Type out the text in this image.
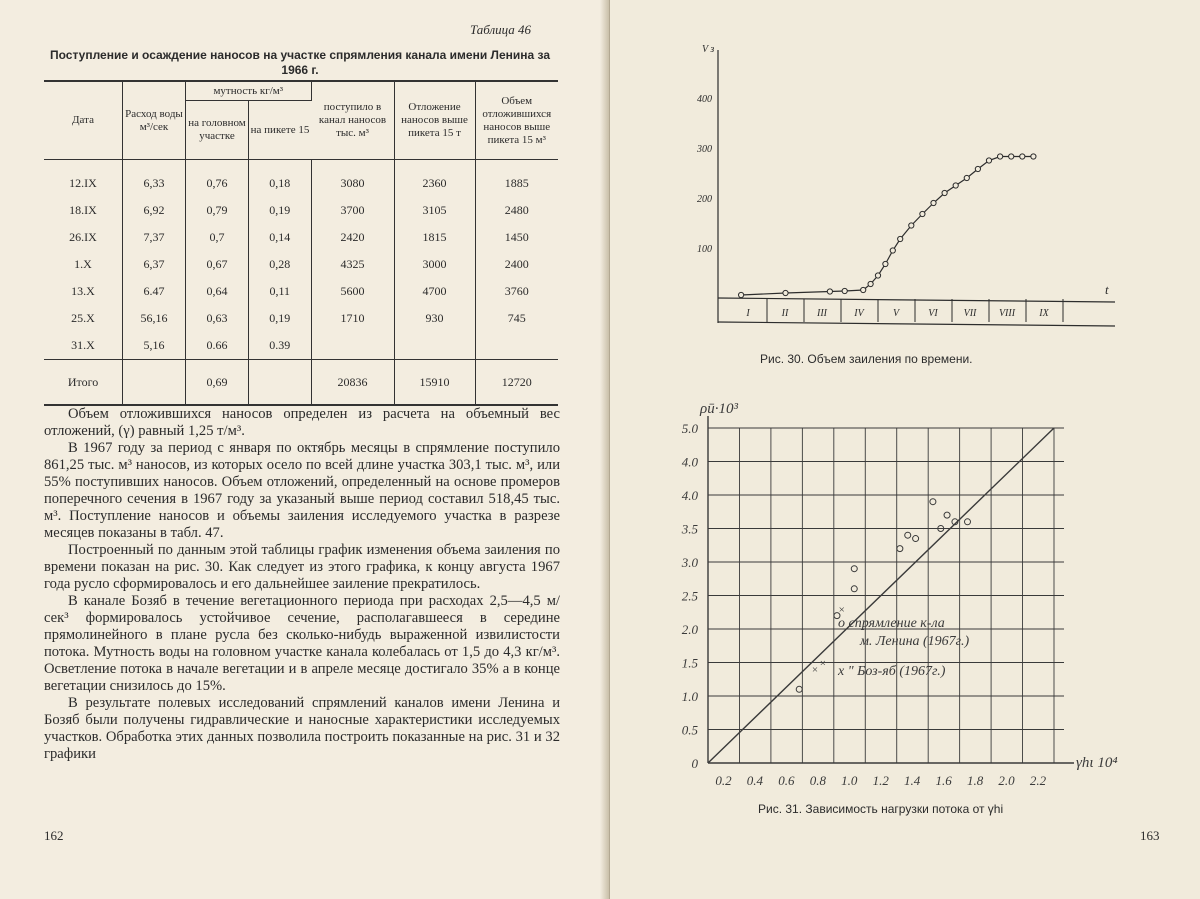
Таблица 46
Поступление и осаждение наносов на участке спрямления канала имени Ленина за 1966 г.
Дата	Расход воды м³/сек	мутность кг/м³		поступило в канал наносов тыс. м³	Отложение наносов выше пикета 15 т	Объем отложившихся наносов выше пикета 15 м³
		на головном участке	на пикете 15			
12.IX	6,33	0,76	0,18	3080	2360	1885
18.IX	6,92	0,79	0,19	3700	3105	2480
26.IX	7,37	0,7	0,14	2420	1815	1450
1.X	6,37	0,67	0,28	4325	3000	2400
13.X	6.47	0,64	0,11	5600	4700	3760
25.X	56,16	0,63	0,19	1710	930	745
31.X	5,16	0.66	0.39			
Итого		0,69		20836	15910	12720

Объем отложившихся наносов определен из расчета на объемный вес отложений, (γ) равный 1,25 т/м³.

В 1967 году за период с января по октябрь месяцы в спрямление поступило 861,25 тыс. м³ наносов, из которых осело по всей длине участка 303,1 тыс. м³, или 55% поступивших наносов. Объем отложений, определенный на основе промеров поперечного сечения в 1967 году за указаный выше период составил 518,45 тыс. м³. Поступление наносов и объемы заиления исследуемого участка в разрезе месяцев показаны в табл. 47.

Построенный по данным этой таблицы график изменения объема заиления по времени показан на рис. 30. Как следует из этого графика, к концу августа 1967 года русло сформировалось и его дальнейшее заиление прекратилось.

В канале Бозяб в течение вегетационного периода при расходах 2,5—4,5 м/сек³ формировалось устойчивое сечение, располагавшееся в середине прямолинейного в плане русла без сколько-нибудь выраженной извилистости потока. Мутность воды на головном участке канала колебалась от 1,5 до 4,3 кг/м³. Осветление потока в начале вегетации и в апреле месяце достигало 35% а в конце вегетации снизилось до 15%.

В результате полевых исследований спрямлений каналов имени Ленина и Бозяб были получены гидравлические и наносные характеристики исследуемых участков. Обработка этих данных позволила построить показанные на рис. 31 и 32 графики

162
V з
t
100
200
300
400
I	II	III	IV	V	VI	VII VIII IX
Рис. 30. Объем заиления по времени.
ρū·10³
γhι 10⁴
0
0.5
1.0
1.5
2.0
2.5
3.0
3.5
4.0
4.0
5.0
0.2 0.4 0.6 0.8 1.0 1.2 1.4 1.6 1.8 2.0 2.2
×
×
×
o спрямление к-ла
м. Ленина (1967г.)
x " Боз-яб (1967г.)
Рис. 31. Зависимость нагрузки потока от γhi
163
